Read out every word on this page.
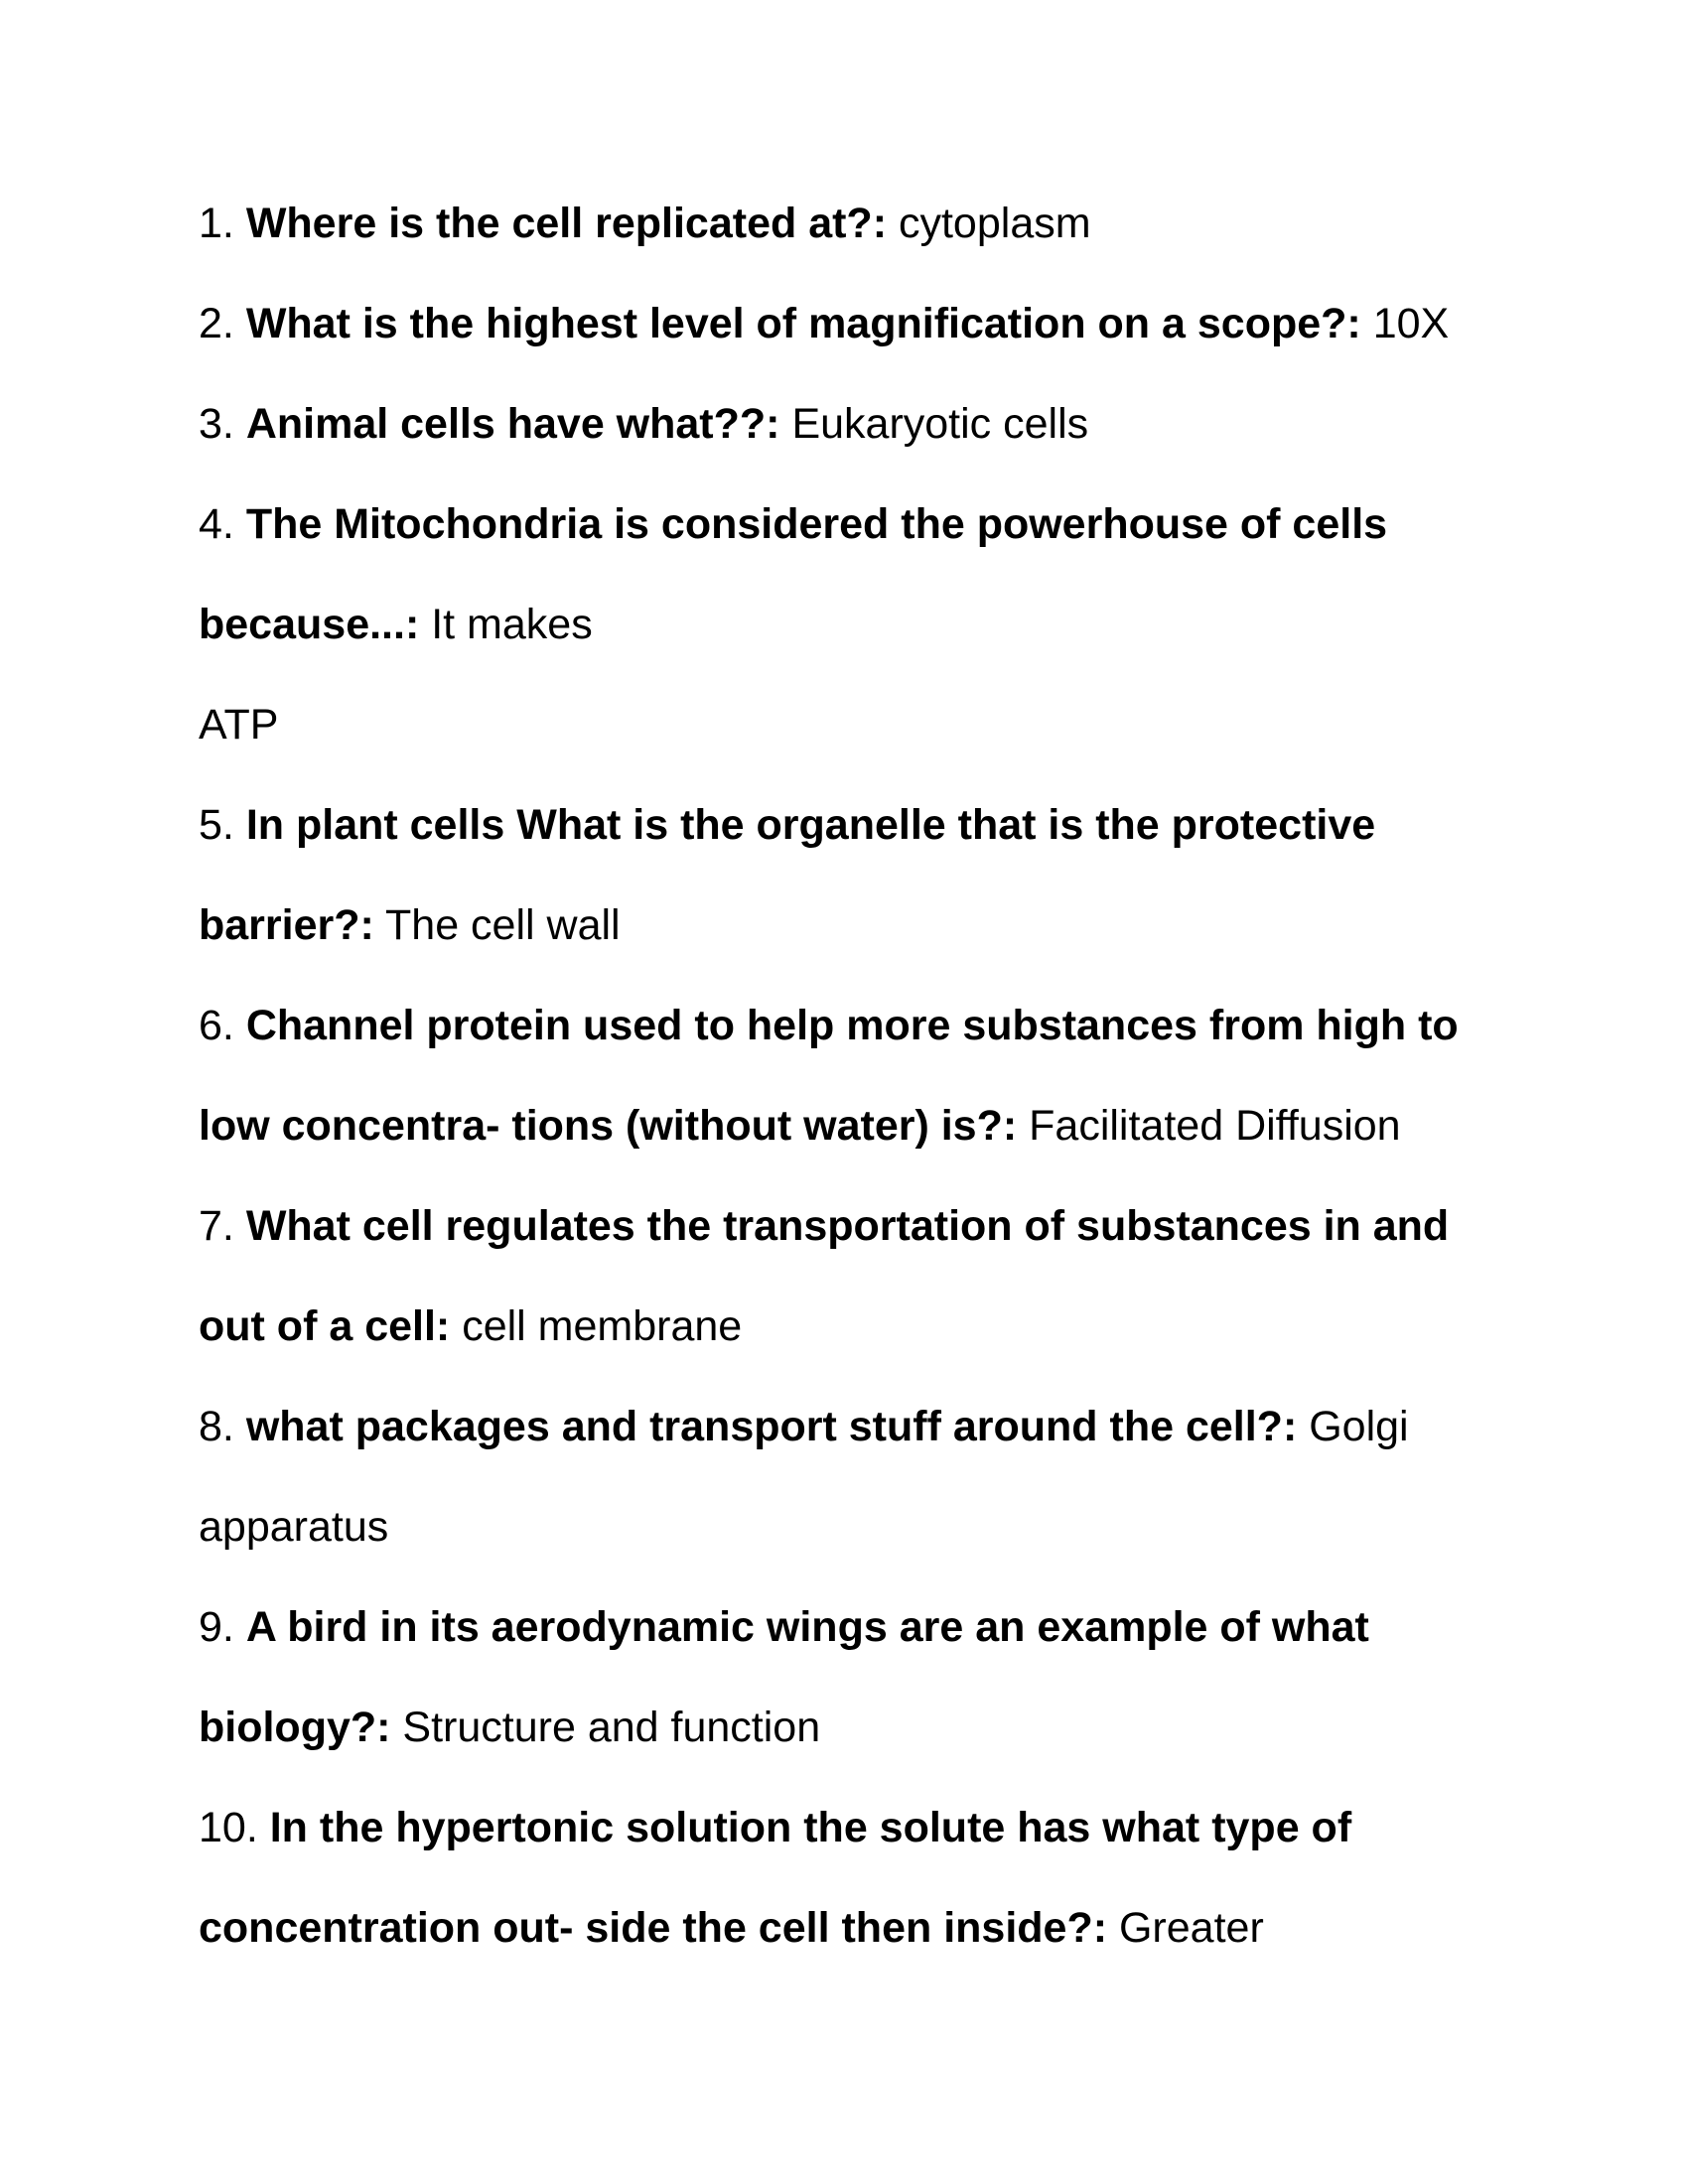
1. Where is the cell replicated at?: cytoplasm
2. What is the highest level of magnification on a scope?: 10X
3. Animal cells have what??: Eukaryotic cells
4. The Mitochondria is considered the powerhouse of cells
because...: It makes
ATP
5. In plant cells What is the organelle that is the protective
barrier?: The cell wall
6. Channel protein used to help more substances from high to
low concentra- tions (without water) is?: Facilitated Diffusion
7. What cell regulates the transportation of substances in and
out of a cell: cell membrane
8. what packages and transport stuff around the cell?: Golgi
apparatus
9. A bird in its aerodynamic wings are an example of what
biology?: Structure and function
10. In the hypertonic solution the solute has what type of
concentration out- side the cell then inside?: Greater
